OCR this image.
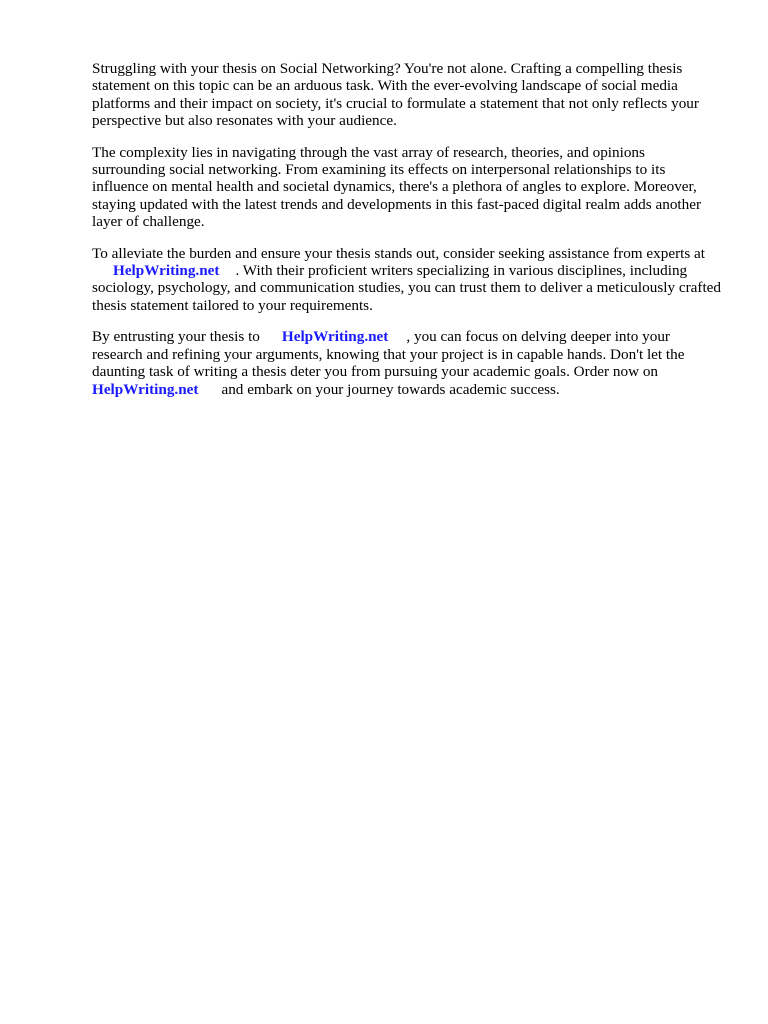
Struggling with your thesis on Social Networking? You're not alone. Crafting a compelling thesis statement on this topic can be an arduous task. With the ever-evolving landscape of social media platforms and their impact on society, it's crucial to formulate a statement that not only reflects your perspective but also resonates with your audience.

The complexity lies in navigating through the vast array of research, theories, and opinions surrounding social networking. From examining its effects on interpersonal relationships to its influence on mental health and societal dynamics, there's a plethora of angles to explore. Moreover, staying updated with the latest trends and developments in this fast-paced digital realm adds another layer of challenge.

To alleviate the burden and ensure your thesis stands out, consider seeking assistance from experts at
HelpWriting.net . With their proficient writers specializing in various disciplines, including sociology, psychology, and communication studies, you can trust them to deliver a meticulously crafted thesis statement tailored to your requirements.

By entrusting your thesis to HelpWriting.net , you can focus on delving deeper into your research and refining your arguments, knowing that your project is in capable hands. Don't let the daunting task of writing a thesis deter you from pursuing your academic goals. Order now on
HelpWriting.net and embark on your journey towards academic success.
